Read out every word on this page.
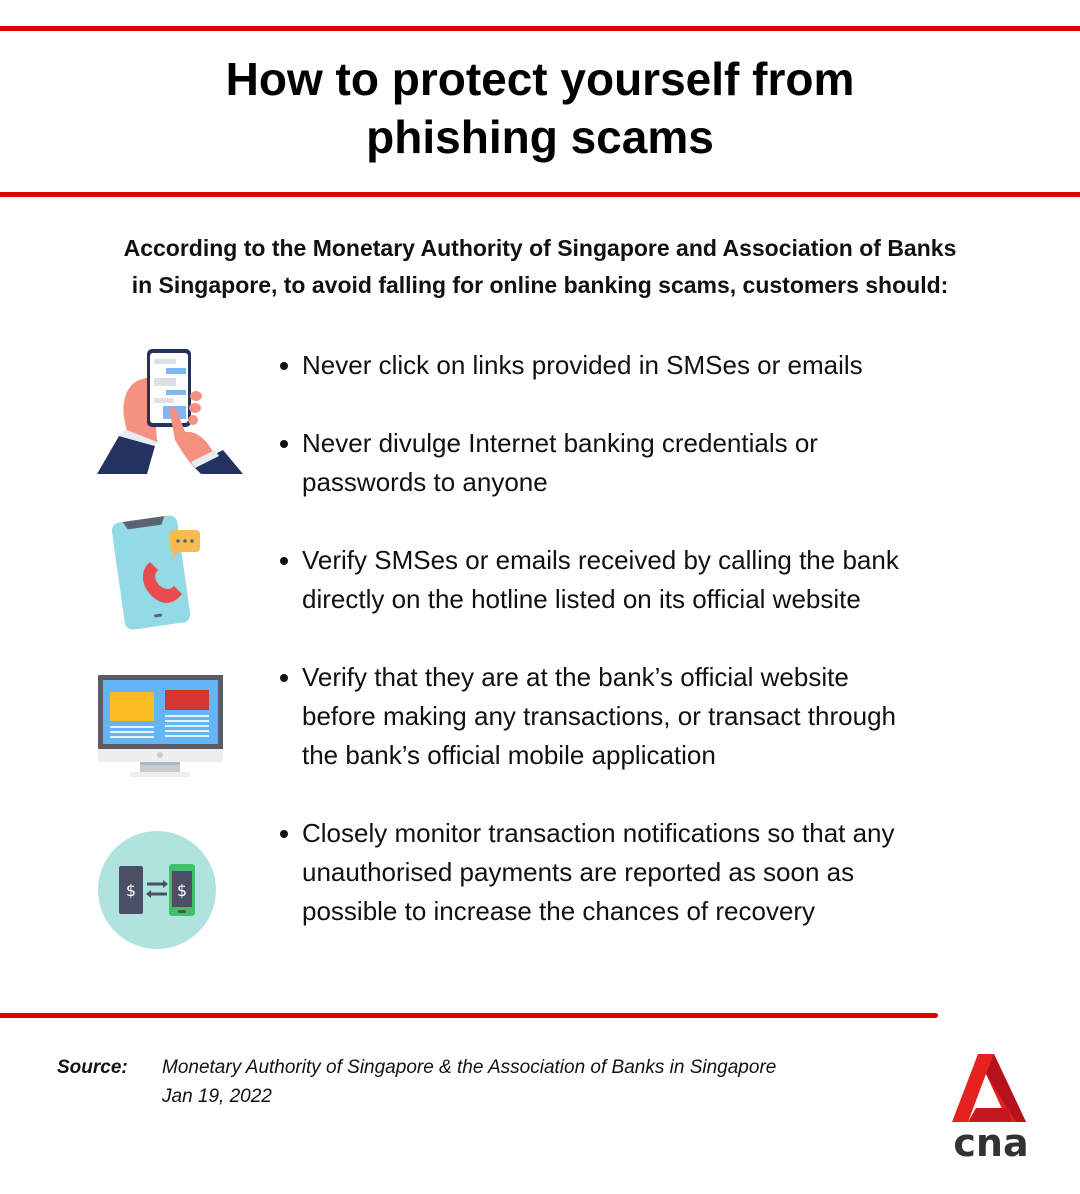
How to protect yourself from
phishing scams
According to the Monetary Authority of Singapore and Association of Banks
in Singapore, to avoid falling for online banking scams, customers should:
$	$
Never click on links provided in SMSes or emails
Never divulge Internet banking credentials or
passwords to anyone
Verify SMSes or emails received by calling the bank
directly on the hotline listed on its official website
Verify that they are at the bank’s official website
before making any transactions, or transact through
the bank’s official mobile application
Closely monitor transaction notifications so that any
unauthorised payments are reported as soon as
possible to increase the chances of recovery
Source: Monetary Authority of Singapore & the Association of Banks in Singapore
Jan 19, 2022
cna
